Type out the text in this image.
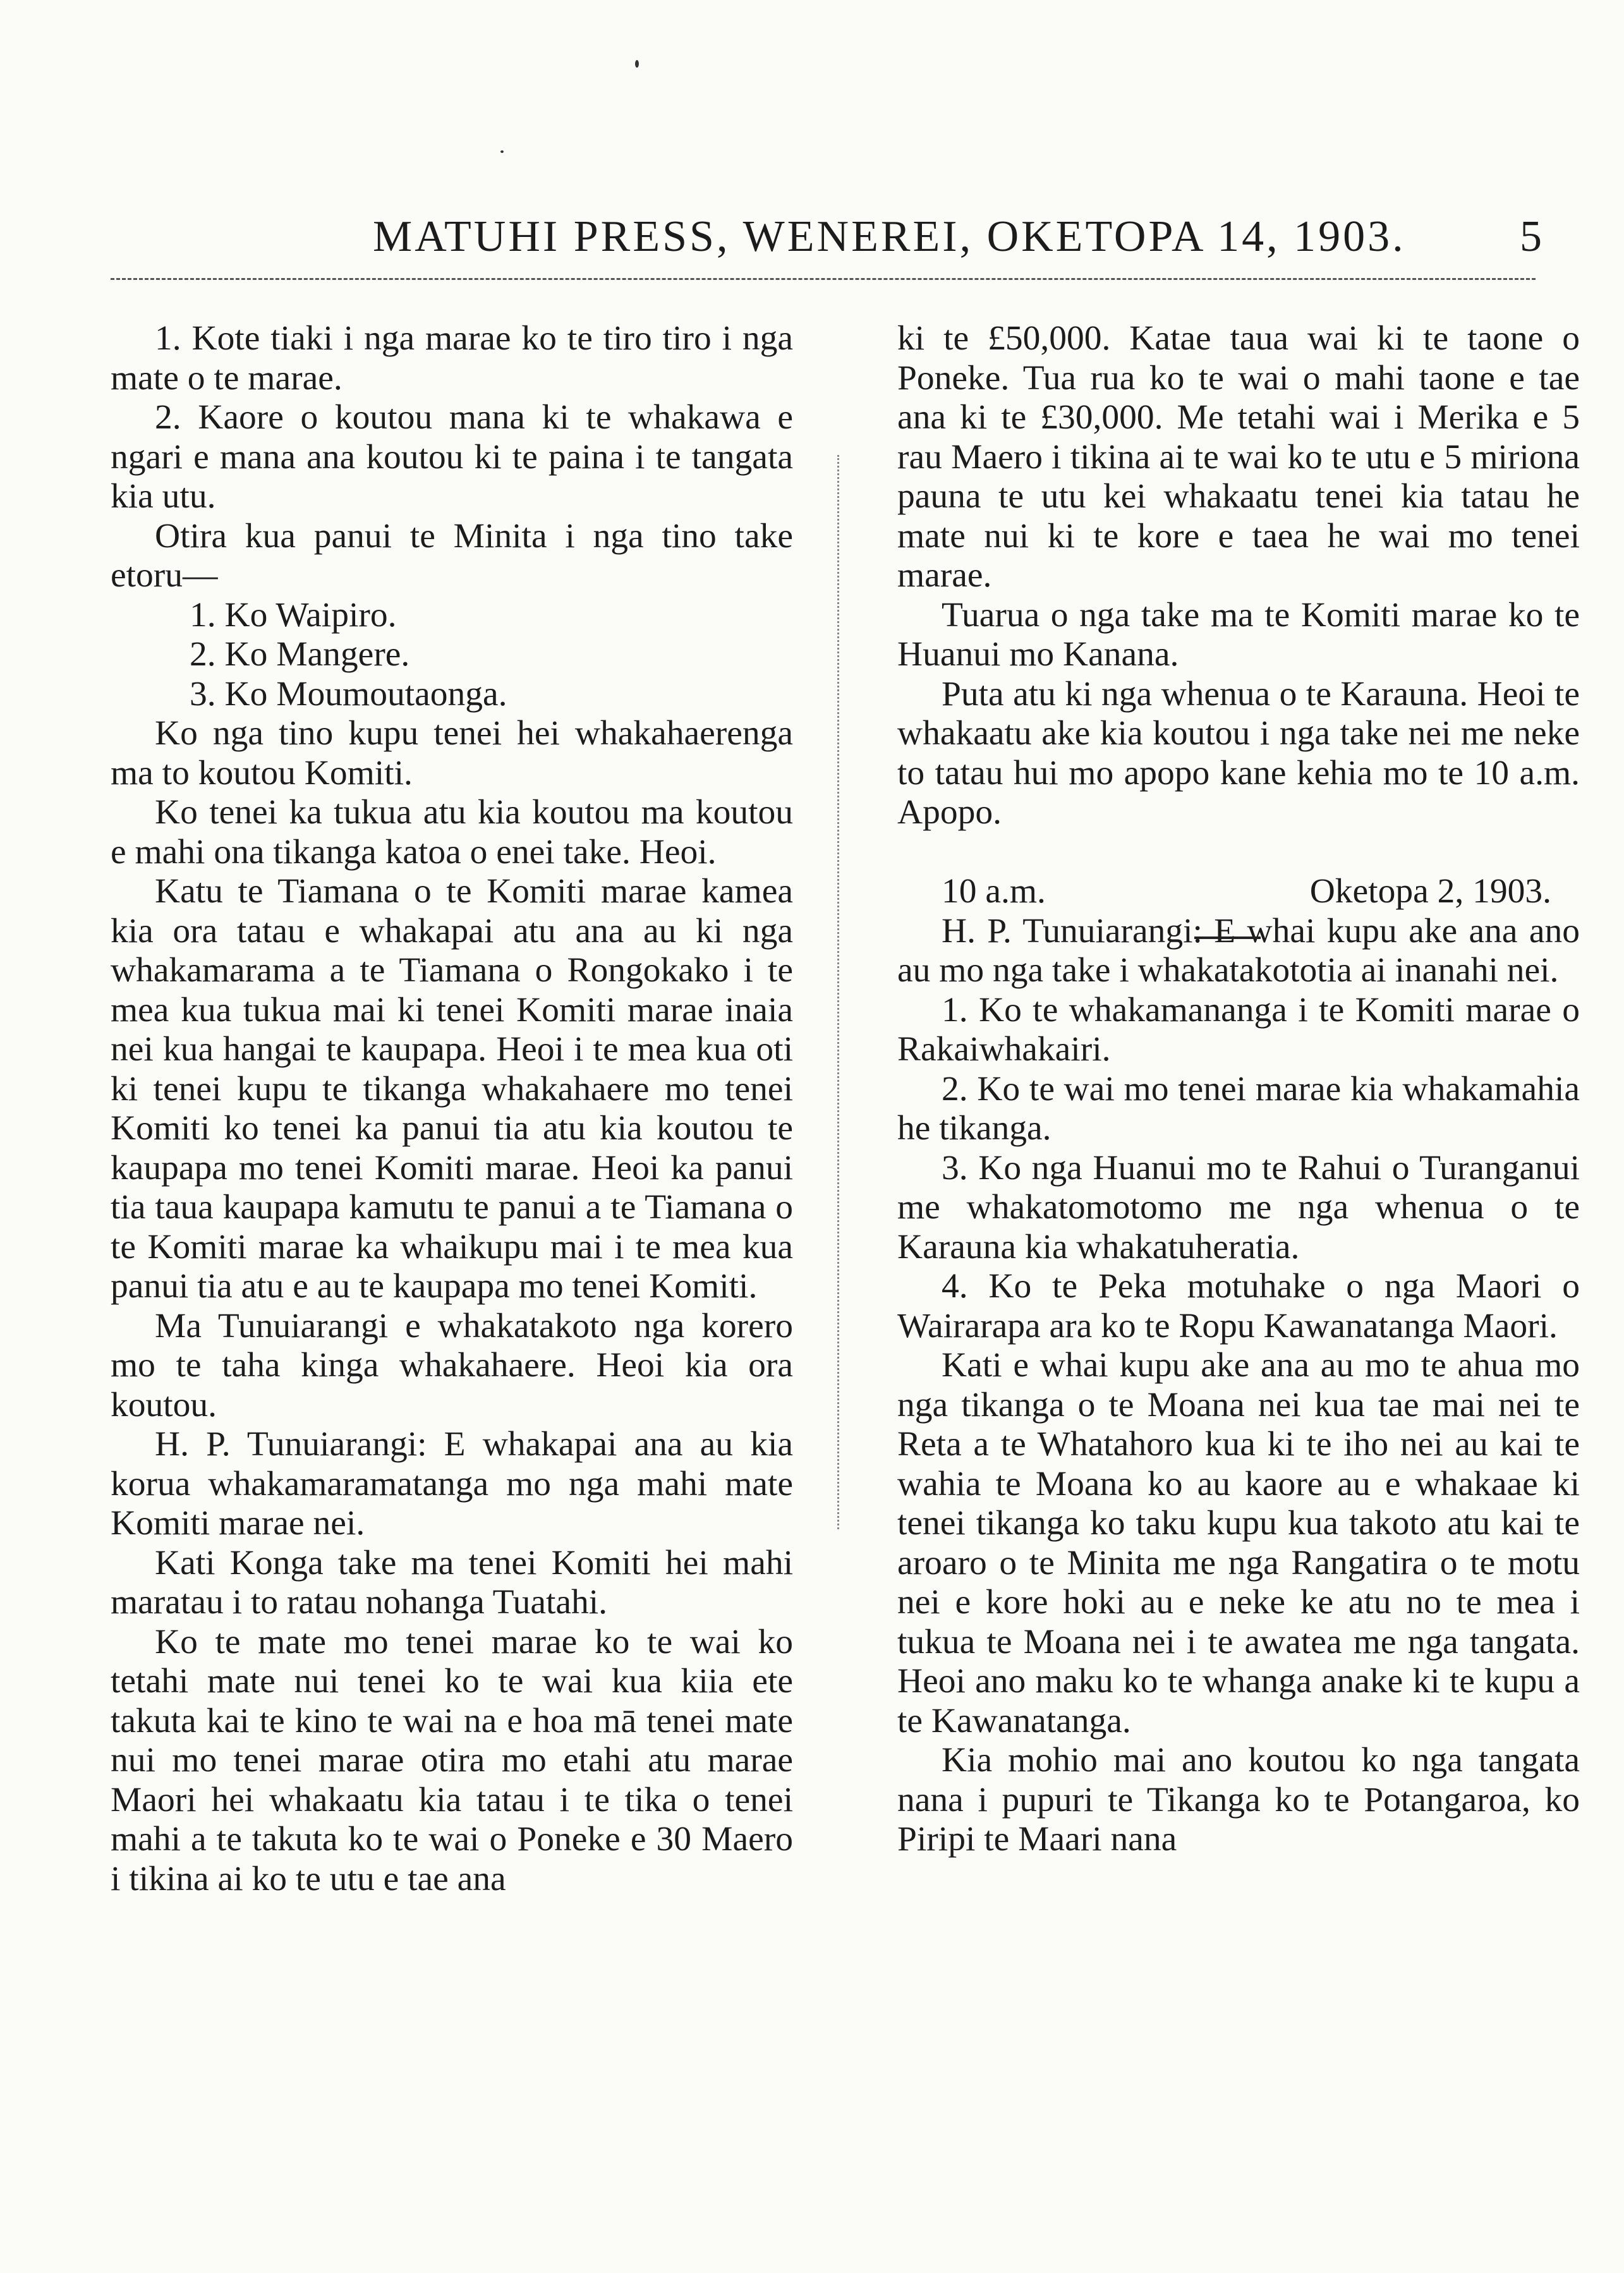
MATUHI PRESS, WENEREI, OKETOPA 14, 1903.	5

1. Kote tiaki i nga marae ko te tiro tiro i nga mate o te marae.

2. Kaore o koutou mana ki te whakawa e ngari e mana ana koutou ki te paina i te tangata kia utu.

Otira kua panui te Minita i nga tino take etoru—

1. Ko Waipiro.

2. Ko Mangere.

3. Ko Moumoutaonga.

Ko nga tino kupu tenei hei whakahaerenga ma to koutou Komiti.

Ko tenei ka tukua atu kia koutou ma koutou e mahi ona tikanga katoa o enei take. Heoi.

Katu te Tiamana o te Komiti marae kamea kia ora tatau e whakapai atu ana au ki nga whakamarama a te Tiamana o Rongokako i te mea kua tukua mai ki tenei Komiti marae inaia nei kua hangai te kaupapa. Heoi i te mea kua oti ki tenei kupu te tikanga whakahaere mo tenei Komiti ko tenei ka panui tia atu kia koutou te kaupapa mo tenei Komiti marae. Heoi ka panui tia taua kaupapa kamutu te panui a te Tiamana o te Komiti marae ka whaikupu mai i te mea kua panui tia atu e au te kaupapa mo tenei Komiti.

Ma Tunuiarangi e whakatakoto nga korero mo te taha kinga whakahaere. Heoi kia ora koutou.

H. P. Tunuiarangi: E whakapai ana au kia korua whakamaramatanga mo nga mahi mate Komiti marae nei.

Kati Konga take ma tenei Komiti hei mahi maratau i to ratau nohanga Tuatahi.

Ko te mate mo tenei marae ko te wai ko tetahi mate nui tenei ko te wai kua kiia ete takuta kai te kino te wai na e hoa mā tenei mate nui mo tenei marae otira mo etahi atu marae Maori hei whakaatu kia tatau i te tika o tenei mahi a te takuta ko te wai o Poneke e 30 Maero i tikina ai ko te utu e tae ana

ki te £50,000. Katae taua wai ki te taone o Poneke. Tua rua ko te wai o mahi taone e tae ana ki te £30,000. Me tetahi wai i Merika e 5 rau Maero i tikina ai te wai ko te utu e 5 miriona pauna te utu kei whakaatu tenei kia tatau he mate nui ki te kore e taea he wai mo tenei marae.

Tuarua o nga take ma te Komiti marae ko te Huanui mo Kanana.

Puta atu ki nga whenua o te Karauna. Heoi te whakaatu ake kia koutou i nga take nei me neke to tatau hui mo apopo kane kehia mo te 10 a.m. Apopo.

10 a.m.	Oketopa 2, 1903.

H. P. Tunuiarangi: E whai kupu ake ana ano au mo nga take i whakatakototia ai inanahi nei.

1. Ko te whakamananga i te Komiti marae o Rakaiwhakairi.

2. Ko te wai mo tenei marae kia whakamahia he tikanga.

3. Ko nga Huanui mo te Rahui o Turanganui me whakatomotomo me nga whenua o te Karauna kia whakatuheratia.

4. Ko te Peka motuhake o nga Maori o Wairarapa ara ko te Ropu Kawanatanga Maori.

Kati e whai kupu ake ana au mo te ahua mo nga tikanga o te Moana nei kua tae mai nei te Reta a te Whatahoro kua ki te iho nei au kai te wahia te Moana ko au kaore au e whakaae ki tenei tikanga ko taku kupu kua takoto atu kai te aroaro o te Minita me nga Rangatira o te motu nei e kore hoki au e neke ke atu no te mea i tukua te Moana nei i te awatea me nga tangata. Heoi ano maku ko te whanga anake ki te kupu a te Kawanatanga.

Kia mohio mai ano koutou ko nga tangata nana i pupuri te Tikanga ko te Potangaroa, ko Piripi te Maari nana
